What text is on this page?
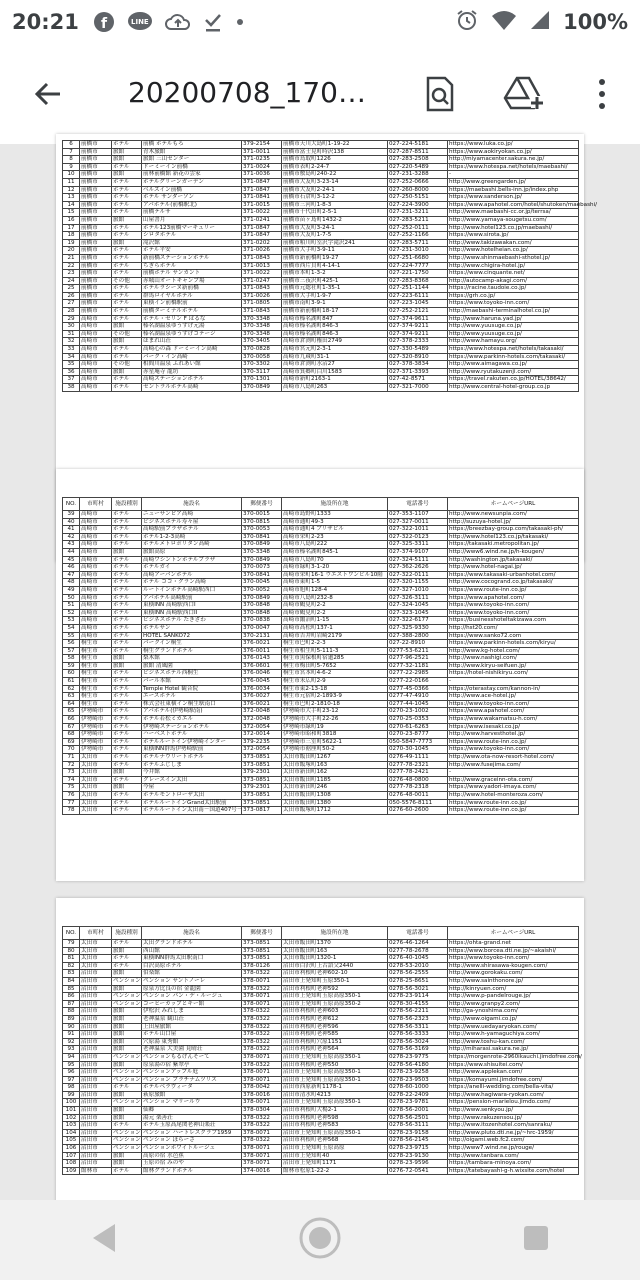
20:21 f	LINE	100%
20200708_170…
6	前橋市	ホテル	前橋 ホテルもろ	379-2154	前橋市天川大島町1-19-22	027-224-5181	https://www.luka.co.jp/
7	前橋市	旅館	青木旅館	371-0011	前橋市富士見町時沢138	027-287-8511	https://www.aokiryokan.co.jp/
8	前橋市	旅館	旅館 三山センター	371-0235	前橋市鳥取町1226	027-283-2508	http://miyamacenter.sakura.ne.jp/
9	前橋市	ホテル	ドーミーイン前橋	371-0024	前橋市表町2-24-7	027-220-5489	https://www.hotespa.net/hotels/maebashi/
10	前橋市	旅館	前林前橋館 新花の雲家	371-0036	前橋市敷島町240-22	027-231-3288	-
11	前橋市	ホテル	ホテルグリーンガーデン	371-0847	前橋市大友町3-23-14	027-252-0666	http://www.greengarden.jp/
12	前橋市	ホテル	ベルズイン前橋	371-0847	前橋市大友町2-24-1	027-260-8000	https://maebashi.bells-inn.jp/index.php
13	前橋市	ホテル	ホテル サンダーソン	371-0841	前橋市石倉町3-12-2	027-250-5151	https://www.sanderson.jp/
14	前橋市	ホテル	アパホテル(前橋駅北)	371-0015	前橋市三河町1-8-3	027-224-3900	https://www.apahotel.com/hotel/shutoken/maebashi/
15	前橋市	ホテル	前橋テルサ	371-0022	前橋市千代田町2-5-1	027-231-3211	http://www.maebashi-cc.or.jp/terrsa/
16	前橋市	旅館	山屋書月	371-0241	前橋市苗ヶ島町1432-2	027-283-5211	http://www.yamaya-sougetsu.com/
17	前橋市	ホテル	ホテル123前橋マーキュリー	371-0847	前橋市大友町3-24-1	027-252-0111	http://www.hotel123.co.jp/maebashi/
18	前橋市	ホテル	シロタホテル	371-0847	前橋市大友町1-7-5	027-252-1166	https://www.sirota.jp/
19	前橋市	旅館	滝沢館	371-0202	前橋市粕川町室沢字滝沢241	027-283-5711	http://www.takizawakan.com/
20	前橋市	ホテル	ホテル平安	371-0026	前橋市大手町3-9-11	027-231-3010	http://www.hotelheian.co.jp/
21	前橋市	ホテル	新前橋ステーションホテル	371-0843	前橋市新前橋町19-27	027-251-6680	http://www.shinmaebashi-sthotel.jp/
22	前橋市	ホテル	ちぎらホテル	371-0013	前橋市西片貝町4-14-1	027-224-7777	http://www.chigira-hotel.jp/
23	前橋市	ホテル	前橋ホテル サンカント	371-0022	前橋市本町1-3-2	027-221-1750	https://www.cinquante.net/
24	前橋市	その他	赤城山オートキャンプ場	371-0247	前橋市三夜沢町425-1	027-283-8368	http://autocamp-akagi.com/
25	前橋市	ホテル	ホテルラシーヌ新前橋	371-0843	前橋市元総社町1-35-1	027-251-1144	https://racine.taudoie.co.jp/
26	前橋市	ホテル	群馬ロイヤルホテル	371-0026	前橋市大手町1-9-7	027-223-6111	https://grh.co.jp/
27	前橋市	ホテル	東横イン前橋駅前	371-0805	前橋市南町3-9-1	027-223-1045	https://www.toyoko-inn.com/
28	前橋市	ホテル	前橋ターミナルホテル	371-0843	前橋市新前橋町18-17	027-252-2121	http://maebashi-terminalhotel.co.jp/
29	高崎市	ホテル	ホテル・セリン F はるな	370-3348	高崎市榛名湖町847	027-374-9611	http://www.haruna.yad.jp/
30	高崎市	旅館	榛名湖温泉ゆうすげ元湯	370-3348	高崎市榛名湖町846-3	027-374-9211	http://www.yuusuge.co.jp/
31	高崎市	その他	榛名湖温泉ゆうすげコテージ	370-3348	高崎市榛名湖町846-3	027-374-9211	http://www.yuusuge.co.jp/
32	高崎市	旅館	ほまれ山荘	370-3405	高崎市倉渕町権田2749	027-378-2333	http://www.hamayu.org/
33	高崎市	ホテル	高崎心の森 ドーミーイン高崎	370-0828	高崎市宮元町2-3-1	027-330-5489	https://www.hotespa.net/hotels/takasaki/
34	高崎市	ホテル	パーク・イン高崎	370-0058	高崎市九蔵町31-1	027-320-8910	https://www.parkinn-hotels.com/takasaki/
35	高崎市	その他	相間川温泉 ふれあい館	370-3302	高崎市倉渕町水沼27	027-378-3834	http://www.aimagawa.co.jp/
36	高崎市	旅館	赤星庵寺 龍坊	370-3117	高崎市箕郷町白川1583	027-371-3393	http://www.ryutakuzenji.com/
37	高崎市	ホテル	高崎ステーションホテル	370-1301	高崎市新町2163-1	027-42-8571	https://travel.rakuten.co.jp/HOTEL/38642/
38	高崎市	ホテル	セントラルホテル高崎	370-0849	高崎市八島町263	027-321-7000	http://www.central-hotel-group.co.jp
NO.	市町村	施設種別	施設名	郵便番号	施設所在地	電話番号	ホームページURL
39	高崎市	ホテル	ニューサンピア高崎	370-0015	高崎市島野町1333	027-353-1107	http://www.newsunpia.com/
40	高崎市	ホテル	ビジネスホテル寿々屋	370-0815	高崎市通町49-3	027-327-0011	http://suzuya-hotel.jp/
41	高崎市	ホテル	高崎駅前プラザホテル	370-0053	高崎市通町4 ブリザビル	027-322-1011	https://breezbay-group.com/takasaki-ph/
42	高崎市	ホテル	ホテル1-2-3高崎	370-0841	高崎市栄町2-23	027-322-0123	http://www.hotel123.co.jp/takasaki/
43	高崎市	ホテル	ホテルメトロポリタン高崎	370-0849	高崎市八島町222	027-325-3311	https://takasaki.metropolitan.jp/
44	高崎市	旅館	旅館高原	370-3348	高崎市榛名湖町845-1	027-374-9107	http://www6.wind.ne.jp/h-kougen/
45	高崎市	ホテル	高崎ワシントンホテルプラザ	370-0849	高崎市八島町70	027-324-5111	http://washington.jp/takasaki/
46	高崎市	ホテル	ホテルガイ	370-0073	高崎市緑町3-1-20	027-362-2626	http://www.hotel-nagai.jp/
47	高崎市	ホテル	高崎アーバンホテル	370-0841	高崎市栄町16-1 ウエストワンビル10階	027-322-0111	https://www.takasaki-urbanhotel.com/
48	高崎市	ホテル	ホテル ココ・グラン高崎	370-0045	高崎市東町1-5	027-320-1155	http://www.cocogrand.co.jp/takasaki/
49	高崎市	ホテル	ルートインホテル高崎駅西口	370-0052	高崎市旭町128-4	027-327-1010	https://www.route-inn.co.jp/
50	高崎市	ホテル	アパホテル高崎駅前	370-0849	高崎市八島町232-8	027-326-3111	https://www.apahotel.com/
51	高崎市	ホテル	東横INN 高崎駅西口I	370-0848	高崎市鶴見町2-2	027-324-1045	https://www.toyoko-inn.com/
52	高崎市	ホテル	東横INN 高崎駅西口II	370-0848	高崎市鶴見町2-2	027-323-1045	https://www.toyoko-inn.com/
53	高崎市	ホテル	ビジネスホテル たきざわ	370-0838	高崎市鍛冶町1-15	027-322-6177	https://businesshoteltakizawa.com
54	高崎市	ホテル	ホテルサン	370-0047	高崎市高松町137-1	027-325-9330	http://hst20.com/
55	高崎市	ホテル	HOTEL SANKO72	370-2131	高崎市吉井町岩崎2179	027-388-2800	https://www.sanko72.com
56	桐生市	ホテル	パークイン桐生	376-0021	桐生市巴町2-2-3	027-22-8910	https://www.parkinn-hotels.com/kiryu/
57	桐生市	ホテル	桐生グランドホテル	376-0011	桐生市相生町5-111-3	0277-53-6211	http://www.kg-hotel.com/
58	桐生市	旅館	梨木館	376-0143	桐生市黒保根町宿廻285	0277-96-2521	http://www.nashigi.com/
59	桐生市	旅館	旅館 清風園	376-0601	桐生市梅田町5-7652	0277-32-1181	http://www.kiryu-seifuen.jp/
60	桐生市	ホテル	ビジネスホテル西桐生	376-0046	桐生市宮本町4-6-2	0277-22-2985	https://hotel-nishikiryu.com/
61	桐生市	ホテル	パール本館	376-0045	桐生市末広町2-9	0277-22-0166	-
62	桐生市	ホテル	Temple Hotel 観音院	376-0034	桐生市東2-13-18	0277-45-0366	https://oterastay.com/kannon-in/
63	桐生市	ホテル	エースホテル	376-0027	桐生市元宿町2-1893-9	0277-47-4910	http://www.ace-hotel.jp/
64	桐生市	ホテル	株式会社東横イン桐生駅南口	376-0021	桐生市巴町2-1810-18	0277-44-1045	https://www.toyoko-inn.com/
65	伊勢崎市	ホテル	アパホテル(伊勢崎駅南)	372-0048	伊勢崎市大手町23-12	0270-23-1002	https://www.apahotel.com/
66	伊勢崎市	ホテル	ホテル若松ミカエル	372-0048	伊勢崎市大手町22-26	0270-25-0353	https://www.wakamatsu-h.com/
67	伊勢崎市	ホテル	伊勢崎ステーションホテル	372-0054	伊勢崎市緑町19	0270-61-6263	https://www.isesaki.co.jp/
68	伊勢崎市	ホテル	ハーベストホテル	372-0014	伊勢崎市昭和町3818	0270-23-8777	http://www.harvesthotel.jp/
69	伊勢崎市	ホテル	ホテルルートイン伊勢崎インター	379-2235	伊勢崎市三室町5622-1	050-5847-7773	https://www.route-inn.co.jp/
70	伊勢崎市	ホテル	東横INN群馬伊勢崎駅前	372-0054	伊勢崎市裾座町50-2	0270-30-1045	https://www.toyoko-inn.com/
71	太田市	ホテル	ホテルナウリートホテル	373-0851	太田市飯田町1267	0276-49-1111	http://www.ota-now-resort-hotel.com/
72	太田市	ホテル	ホテルふじしま	373-0851	太田市飯塚町163	0277-78-2321	http://www.fusejima.com/
73	太田市	旅館	今井館	379-2301	太田市新田町162	0277-78-2421	-
74	太田市	ホテル	グレースイン太田	373-0851	太田市飯田町1185	0276-48-0800	http://www.graceinn-ota.com/
75	太田市	旅館	今屋	379-2301	太田市新田町246	0277-78-2318	https://www.yadori-imaya.com/
76	太田市	ホテル	ホテルモントローザ太田	373-0851	太田市飯田町1308	0276-48-0011	http://www.hotel-monteroza.com/
77	太田市	ホテル	ホテルルートインGrand太田駅前	373-0851	太田市飯田町1380	050-5576-8111	https://www.route-inn.co.jp/
78	太田市	ホテル	ホテルルートイン太田南－国道407号－	373-0817	太田市飯塚町1712	0276-60-2600	https://www.route-inn.co.jp/
NO.	市町村	施設種別	施設名	郵便番号	施設所在地	電話番号	ホームページURL
79	太田市	ホテル	太田グランドホテル	373-0851	太田市飯田町1370	0276-46-1264	https://ohta-grand.net
80	太田市	旅館	西山館	373-0851	太田市飯田町163	0277-78-2678	https://www.borcea.dti.ne.jp/~akaishi/
81	太田市	ホテル	東横INN群馬太田駅南口	373-0851	太田市飯田町1320-1	0276-40-1045	https://www.toyoko-inn.com/
82	太田市	ホテル	白沢高原ホテル	378-0126	沼田市白沢町上古語父2440	0278-53-2010	http://www.shirasawa-kougen.com/
83	沼田市	旅館	伯楽館	378-0322	沼田市利根町老神602-10	0278-56-2555	http://www.gorokaku.com/
84	沼田市	ペンション	ペンション サントノーレ	378-0071	沼田市上発知町玉原350-1	0278-25-8651	http://www.sainthonore.jp/
85	沼田市	旅館	原泉方比良の宿 金龍園	378-0322	沼田市利根町老神592	0278-56-3021	http://kinryuen.com/
86	沼田市	ペンション	ペンション パン・デ・ルージュ	378-0071	沼田市上発知町玉原高原350-1	0278-23-9114	http://www.p-pandelrouge.jp/
87	沼田市	ペンション	コーヒーカップとキー館	378-0071	沼田市上発知町玉原高原350-2	0278-30-4155	http://www.granpy2.com/
88	沼田市	旅館	伊松沢 みれしま	378-0322	沼田市利根町老神603	0278-56-2211	http://ga-ynoshima.com/
89	沼田市	旅館	老神温泉 観山荘	378-0322	沼田市利根町老神612	0278-56-2323	http://www.oigami.co.jp/
90	沼田市	旅館	上田屋旅館	378-0322	沼田市利根町老神596	0278-56-3311	http://www.uedayaryokan.com/
91	沼田市	旅館	ホテル山口屋	378-0322	沼田市利根町老神585	0278-56-3333	http://www.h-yamaguchiya.com/
92	沼田市	旅館	穴原湯 東秀館	378-0322	沼田市利根町穴原1151	0278-56-3024	http://www.toshu-kan.com/
93	沼田市	旅館	老神温泉 大美園 見晴荘	378-0322	沼田市利根町老神564	0278-56-3169	http://miharasi.sakura.ne.jp/
94	沼田市	ペンション	ペンションもるげんそーて	378-0071	沼田市上発知町玉原高原350-1	0278-23-9775	https://morgenrote-2960ikauchi.jimdofree.com/
95	沼田市	旅館	原泉湯の宿 紫翠亭	378-0322	沼田市利根町老神550	0278-56-4180	https://www.shisuitei.com/
96	沼田市	ペンション	ペンションアップル庭	378-0071	沼田市上発知町玉原高原350-1	0278-23-9258	http://www.applekan.com/
97	沼田市	ペンション	ペンション プラチナムツリス	378-0071	沼田市上発知町玉原高原350-1	0278-23-9503	https://komayumi.jimdofree.com/
98	沼田市	ホテル	ホテルベラヴィータ	378-0042	沼田市西原新町1178-1	0278-60-1000	https://anelli-wedding.com/bella-vita/
99	沼田市	旅館	萩原旅館	378-0016	沼田市清水町4213	0278-22-2409	http://www.hagiwara-ryokan.com/
100	沼田市	ペンション	ペンション マリールウ	378-0071	沼田市上発知町玉原高原350-1	0278-23-9781	https://pension-marielou.jimdo.com/
101	沼田市	旅館	仙郷	378-0304	沼田市利根町大楊2-1	0278-56-2001	http://www.senkyou.jp/
102	沼田市	旅館	湯元 楽善荘	378-0322	沼田市利根町老神598	0278-56-2501	http://www.rakuzensou.jp/
103	沼田市	ホテル	ホテル玉原高尾関老神山楽荘	378-0322	沼田市利根町老神583	0278-56-3111	http://www.itozenhotel.com/sanraku/
104	沼田市	ペンション	ペンション ハートレスクラブ1959	378-0071	沼田市上発知町玉原高原350-1	0278-23-9158	http://www.pluto.dti.ne.jp/~hrc-1959/
105	沼田市	ペンション	ペンション ぼらーさ	378-0322	沼田市利根町老神568	0278-56-2145	http://oigami.web.fc2.com/
106	沼田市	ペンション	ペンションホワイトルージュ	378-0071	沼田市上発知町玉原高原	0278-23-9715	http://www7.wind.ne.jp/rouge/
107	沼田市	旅館	高原の宿 水芭蕉	378-0071	沼田市上発知町40	0278-23-9130	http://www.tanbara.com/
108	沼田市	旅館	玉原の宿 みのや	378-0071	沼田市上発知町1171	0278-23-9596	https://tambara-minoya.com/
109	館林市	ホテル	館林グランドホテル	374-0016	館林市松原1-22-2	0276-72-0541	https://tatebayashi-g-h.wixsite.com/hotel
